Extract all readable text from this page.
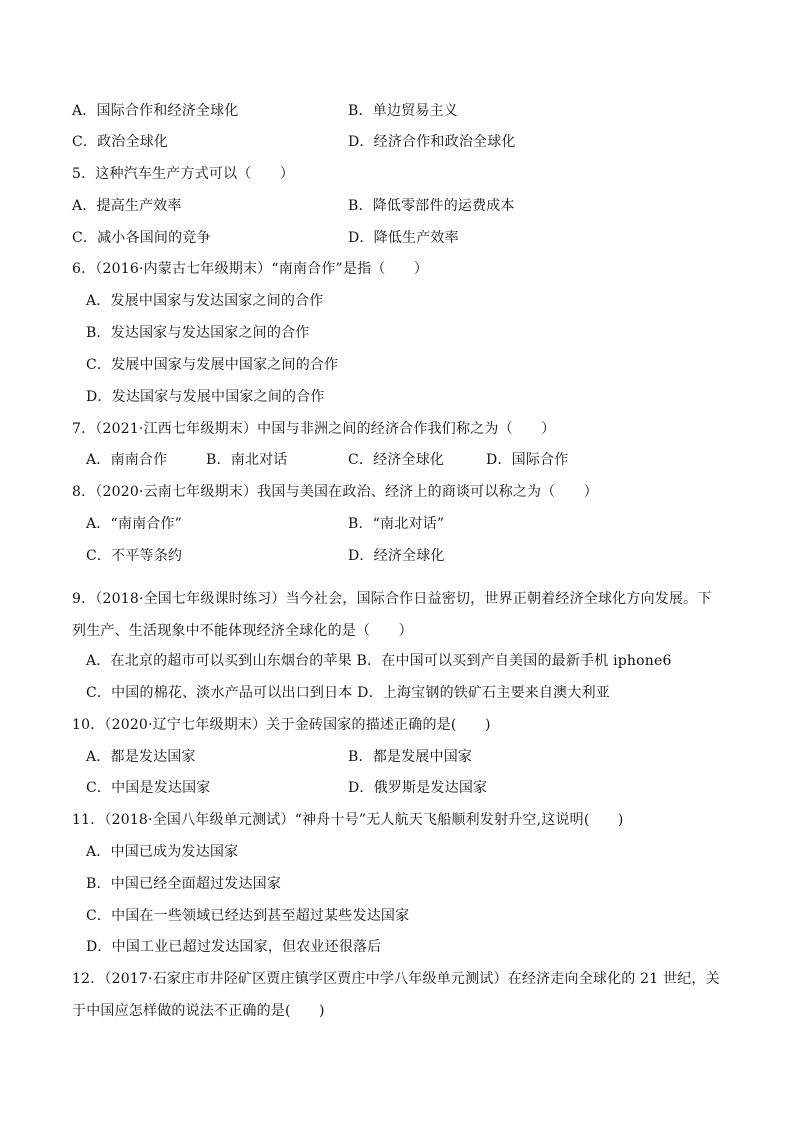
A．国际合作和经济全球化	B．单边贸易主义
C．政治全球化	D．经济合作和政治全球化
5．这种汽车生产方式可以（　　）
A．提高生产效率	B．降低零部件的运费成本
C．减小各国间的竞争	D．降低生产效率
6．（2016·内蒙古七年级期末）“南南合作”是指（　　）
A．发展中国家与发达国家之间的合作
B．发达国家与发达国家之间的合作
C．发展中国家与发展中国家之间的合作
D．发达国家与发展中国家之间的合作
7．（2021·江西七年级期末）中国与非洲之间的经济合作我们称之为（　　）
A．南南合作	B．南北对话	C．经济全球化	D．国际合作
8．（2020·云南七年级期末）我国与美国在政治、经济上的商谈可以称之为（　　）
A．“南南合作”	B．“南北对话”
C．不平等条约	D．经济全球化
9．（2018·全国七年级课时练习）当今社会，国际合作日益密切，世界正朝着经济全球化方向发展。下列生产、生活现象中不能体现经济全球化的是（　　）
A．在北京的超市可以买到山东烟台的苹果 B．在中国可以买到产自美国的最新手机 iphone6
C．中国的棉花、淡水产品可以出口到日本 D．上海宝钢的铁矿石主要来自澳大利亚
10．（2020·辽宁七年级期末）关于金砖国家的描述正确的是(　　)
A．都是发达国家	B．都是发展中国家
C．中国是发达国家	D．俄罗斯是发达国家
11．（2018·全国八年级单元测试）“神舟十号”无人航天飞船顺利发射升空,这说明(　　)
A．中国已成为发达国家
B．中国已经全面超过发达国家
C．中国在一些领域已经达到甚至超过某些发达国家
D．中国工业已超过发达国家，但农业还很落后
12．（2017·石家庄市井陉矿区贾庄镇学区贾庄中学八年级单元测试）在经济走向全球化的 21 世纪，关于中国应怎样做的说法不正确的是(　　)
